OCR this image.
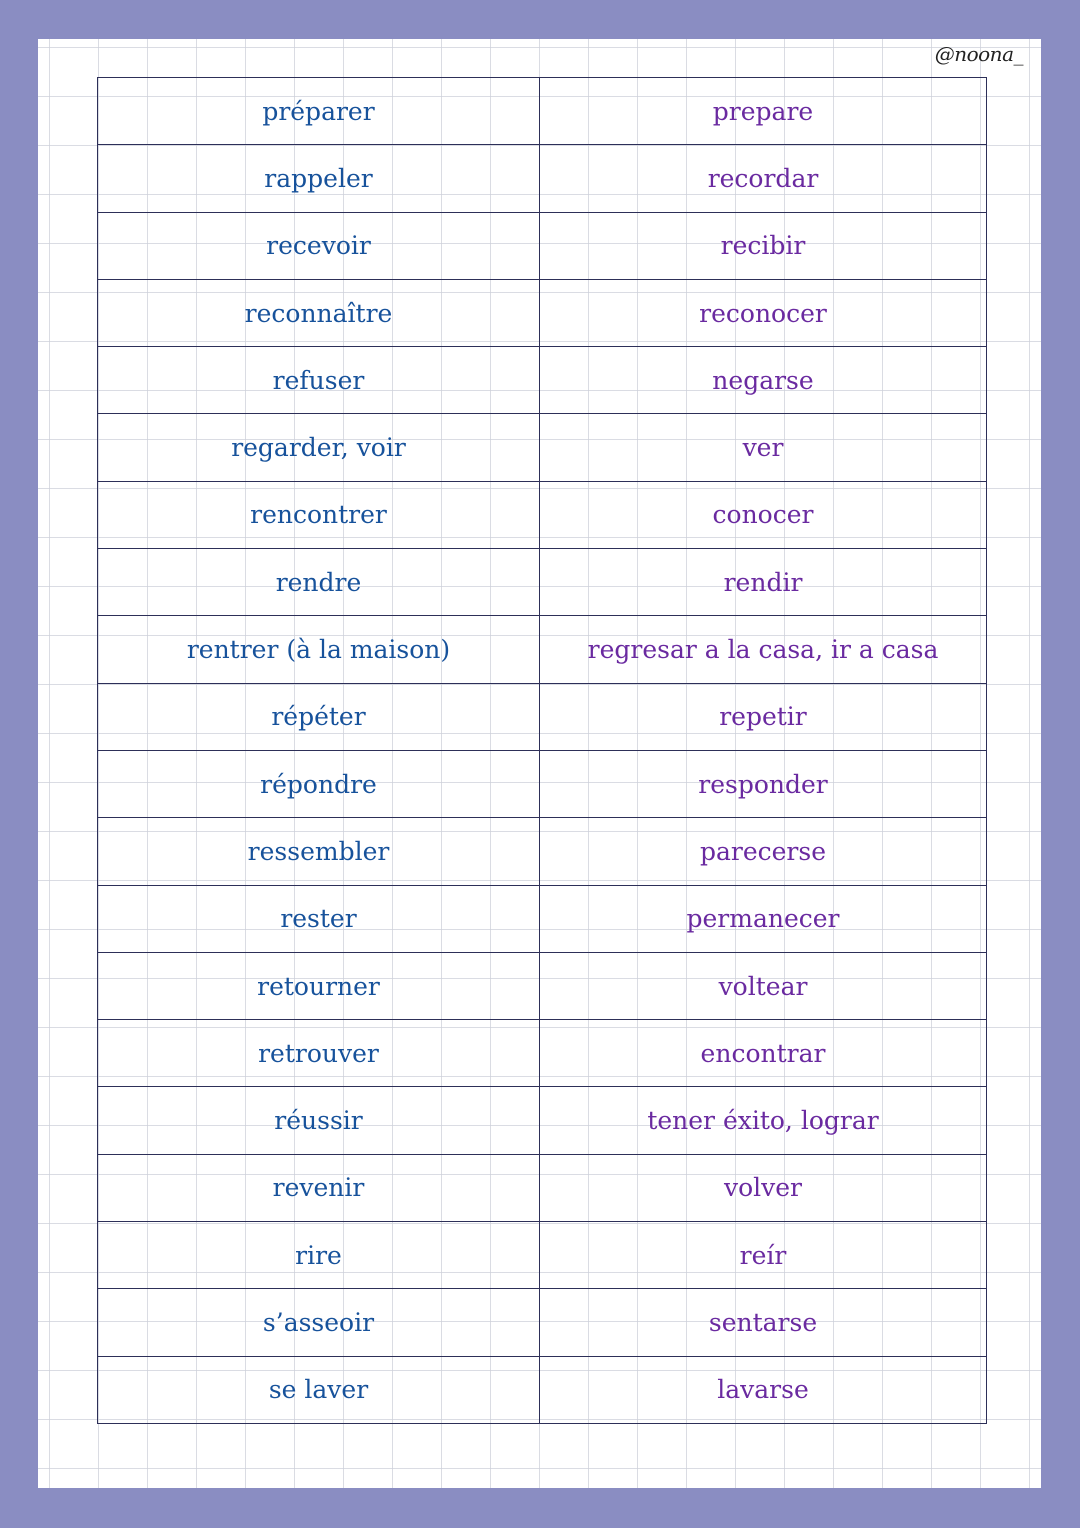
@noona_
préparer	prepare
rappeler	recordar
recevoir	recibir
reconnaître	reconocer
refuser	negarse
regarder, voir	ver
rencontrer	conocer
rendre	rendir
rentrer (à la maison)	regresar a la casa, ir a casa
répéter	repetir
répondre	responder
ressembler	parecerse
rester	permanecer
retourner	voltear
retrouver	encontrar
réussir	tener éxito, lograr
revenir	volver
rire	reír
s’asseoir	sentarse
se laver	lavarse
